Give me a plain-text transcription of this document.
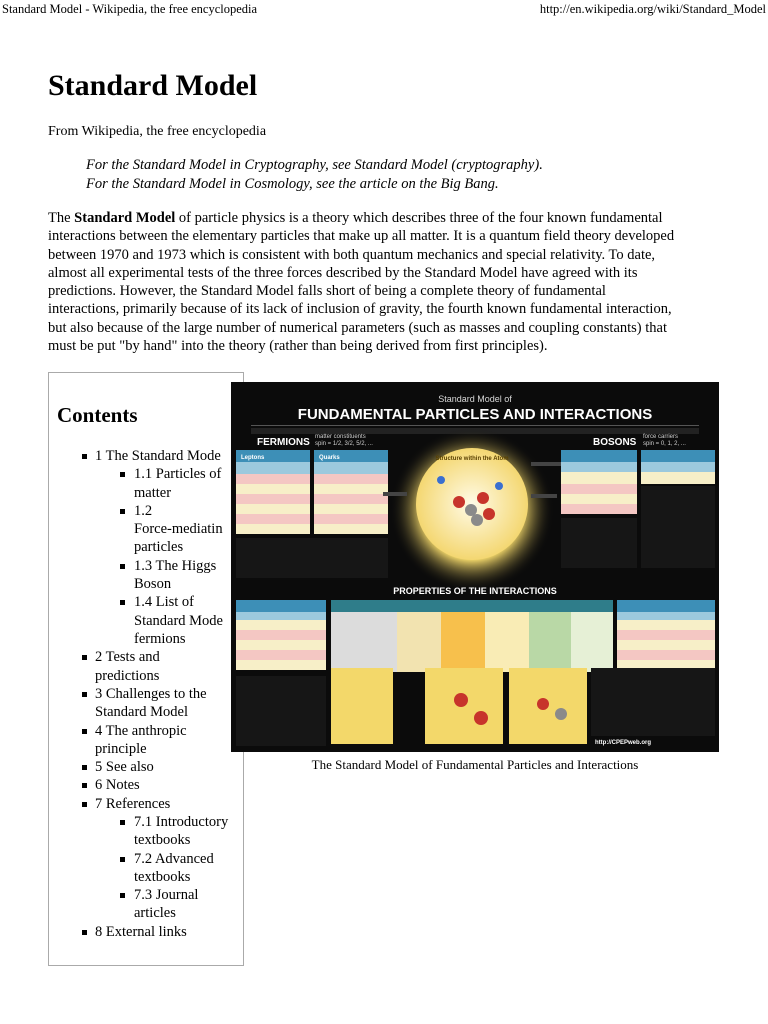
Standard Model - Wikipedia, the free encyclopedia	http://en.wikipedia.org/wiki/Standard_Model
Standard Model
From Wikipedia, the free encyclopedia
For the Standard Model in Cryptography, see Standard Model (cryptography).
For the Standard Model in Cosmology, see the article on the Big Bang.
The Standard Model of particle physics is a theory which describes three of the four known fundamental
interactions between the elementary particles that make up all matter. It is a quantum field theory developed
between 1970 and 1973 which is consistent with both quantum mechanics and special relativity. To date,
almost all experimental tests of the three forces described by the Standard Model have agreed with its
predictions. However, the Standard Model falls short of being a complete theory of fundamental
interactions, primarily because of its lack of inclusion of gravity, the fourth known fundamental interaction,
but also because of the large number of numerical parameters (such as masses and coupling constants) that
must be put "by hand" into the theory (rather than being derived from first principles).
Contents
1 The Standard Mode
1.1 Particles of
matter
1.2
Force-mediatin
particles
1.3 The Higgs
Boson
1.4 List of
Standard Mode
fermions
2 Tests and
predictions
3 Challenges to the
Standard Model
4 The anthropic
principle
5 See also
6 Notes
7 References
7.1 Introductory
textbooks
7.2 Advanced
textbooks
7.3 Journal
articles
8 External links
Standard Model of
FUNDAMENTAL PARTICLES AND INTERACTIONS
FERMIONS matter constituents
spin = 1/2, 3/2, 5/2, ...
Leptons	Quarks	Structure within the Atom
BOSONS force carriers
spin = 0, 1, 2, ...
PROPERTIES OF THE INTERACTIONS
http://CPEPweb.org
The Standard Model of Fundamental Particles and Interactions
